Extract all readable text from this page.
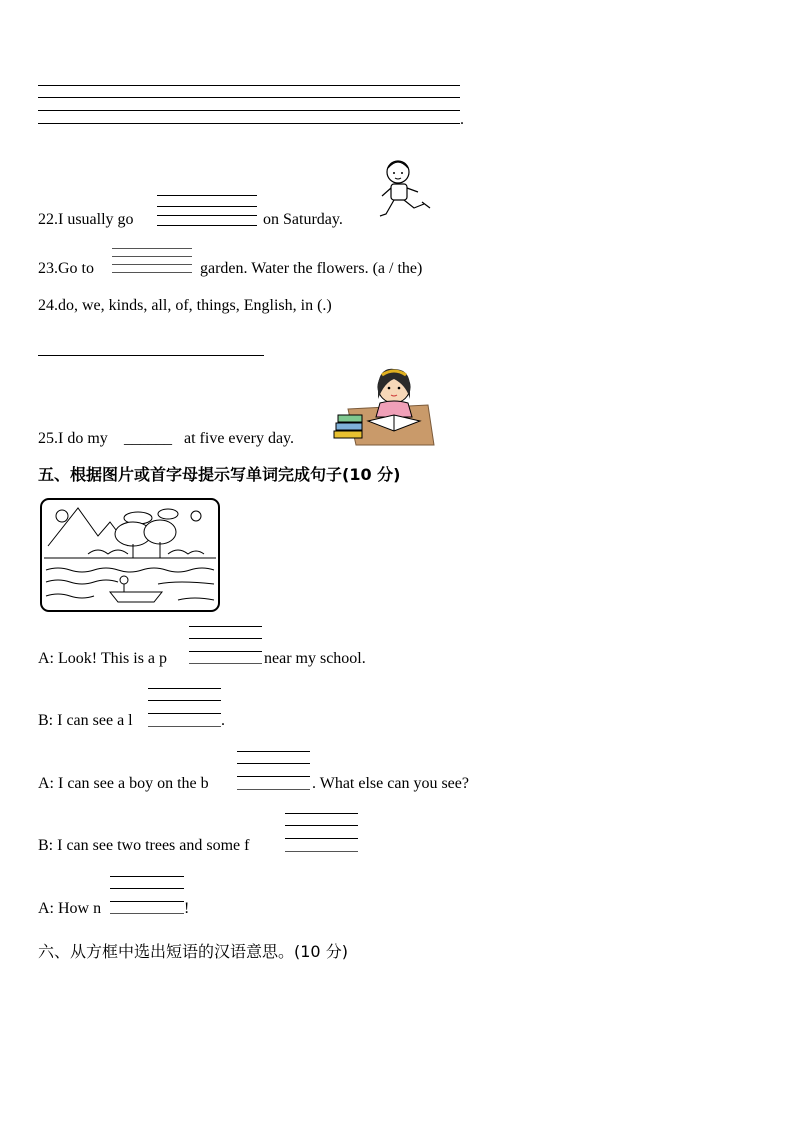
.
22.I usually go	on Saturday.
23.Go to	garden. Water the flowers. (a / the)
24.do, we, kinds, all, of, things, English, in (.)
25.I do my ______ at five every day.
五、根据图片或首字母提示写单词完成句子(10 分)
A: Look! This is a p	near my school.
B: I can see a l	.
A: I can see a boy on the b	. What else can you see?
B: I can see two trees and some f
A: How n	!
六、从方框中选出短语的汉语意思。(10 分)
